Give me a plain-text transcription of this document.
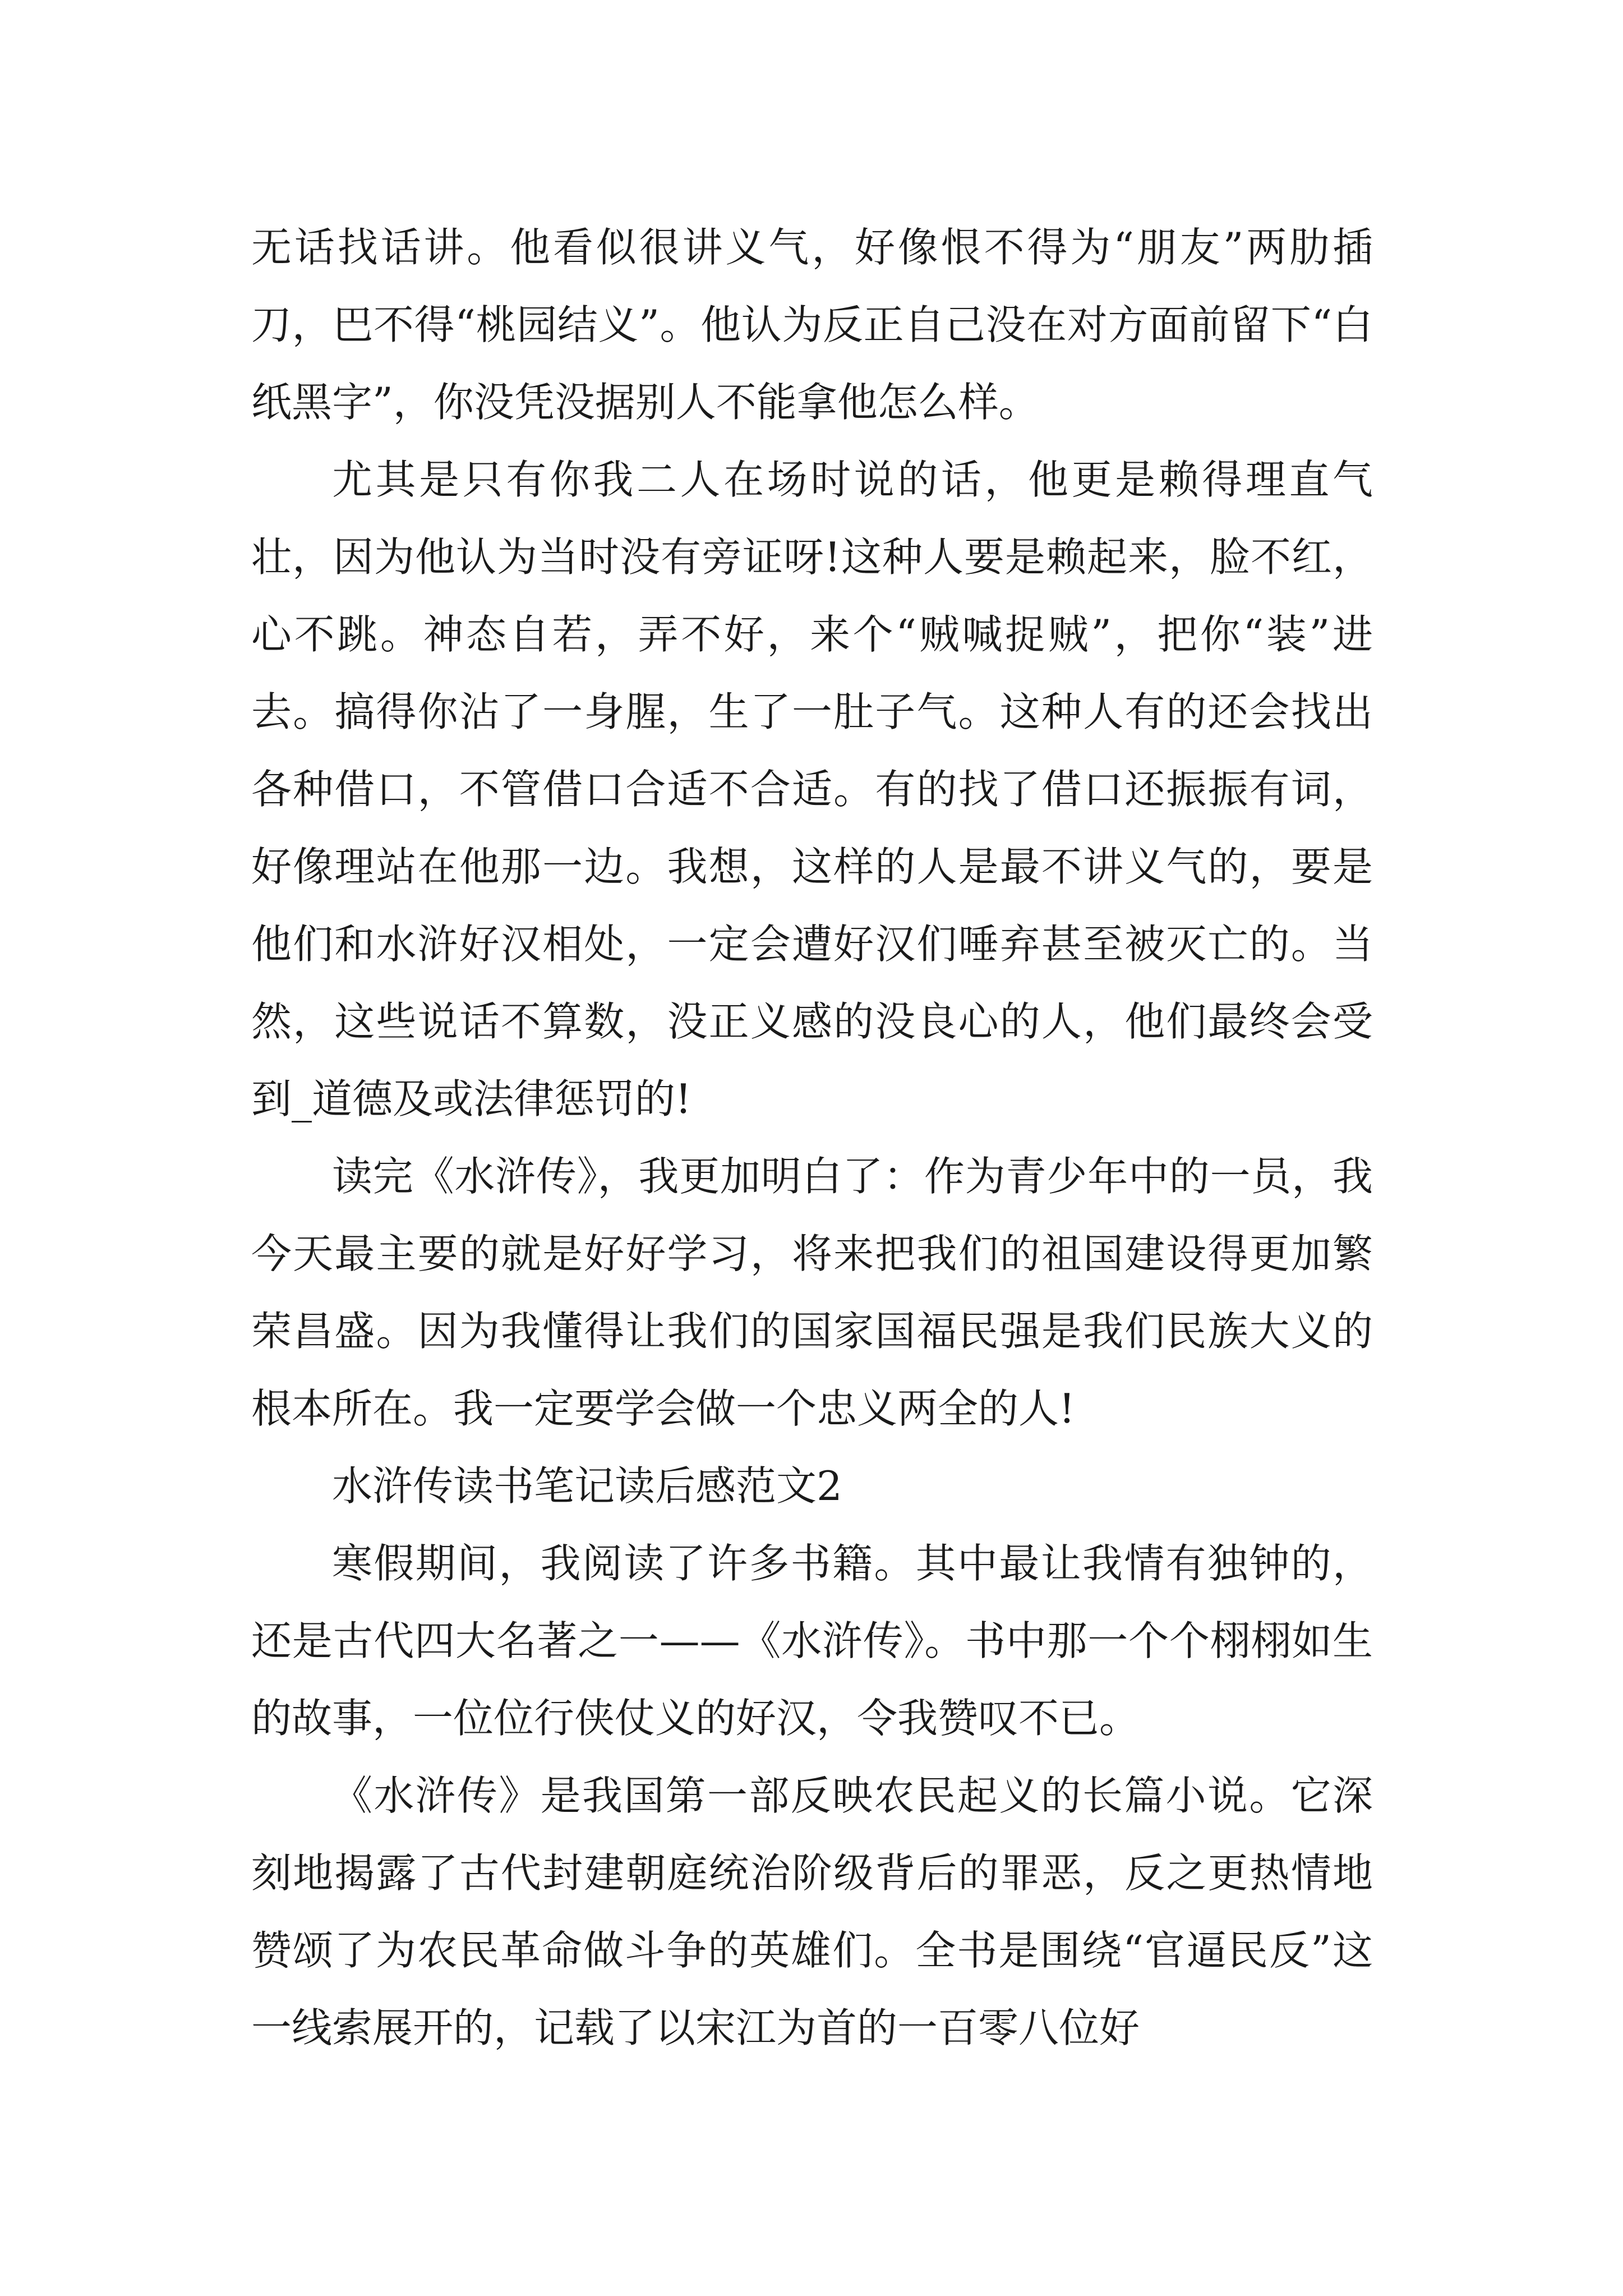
无话找话讲。他看似很讲义气，好像恨不得为“朋友”两肋插刀，巴不得“桃园结义”。他认为反正自己没在对方面前留下“白纸黑字”，你没凭没据别人不能拿他怎么样。

尤其是只有你我二人在场时说的话，他更是赖得理直气壮，因为他认为当时没有旁证呀!这种人要是赖起来，脸不红，心不跳。神态自若，弄不好，来个“贼喊捉贼”，把你“装”进去。搞得你沾了一身腥，生了一肚子气。这种人有的还会找出各种借口，不管借口合适不合适。有的找了借口还振振有词，好像理站在他那一边。我想，这样的人是最不讲义气的，要是他们和水浒好汉相处，一定会遭好汉们唾弃甚至被灭亡的。当然，这些说话不算数，没正义感的没良心的人，他们最终会受到_道德及或法律惩罚的!

读完《水浒传》，我更加明白了：作为青少年中的一员，我今天最主要的就是好好学习，将来把我们的祖国建设得更加繁荣昌盛。因为我懂得让我们的国家国福民强是我们民族大义的根本所在。我一定要学会做一个忠义两全的人!

水浒传读书笔记读后感范文2

寒假期间，我阅读了许多书籍。其中最让我情有独钟的，还是古代四大名著之一——《水浒传》。书中那一个个栩栩如生的故事，一位位行侠仗义的好汉，令我赞叹不已。

《水浒传》是我国第一部反映农民起义的长篇小说。它深刻地揭露了古代封建朝庭统治阶级背后的罪恶，反之更热情地赞颂了为农民革命做斗争的英雄们。全书是围绕“官逼民反”这一线索展开的，记载了以宋江为首的一百零八位好
